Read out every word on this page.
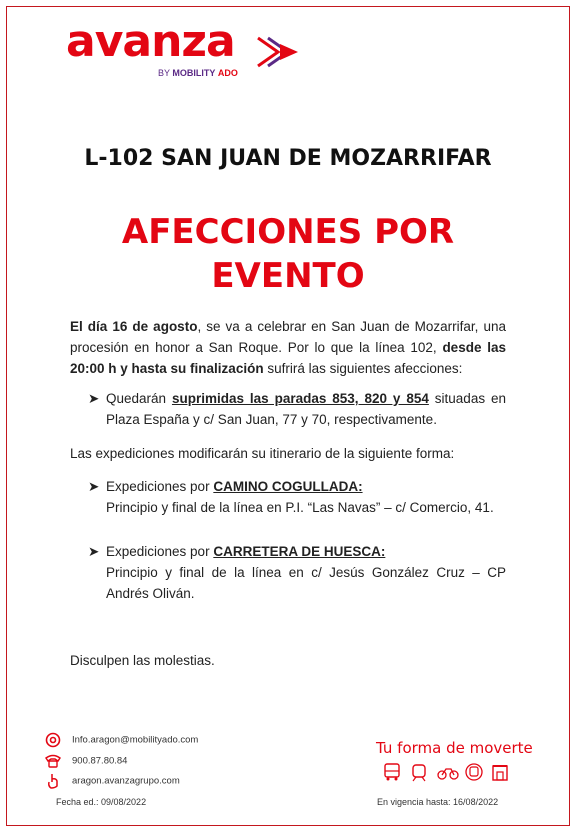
avanza
BY MOBILITY ADO
L-102 SAN JUAN DE MOZARRIFAR
AFECCIONES POR
EVENTO
El día 16 de agosto, se va a celebrar en San Juan de Mozarrifar, una procesión en honor a San Roque. Por lo que la línea 102, desde las 20:00 h y hasta su finalización sufrirá las siguientes afecciones:
➤ Quedarán suprimidas las paradas 853, 820 y 854 situadas en Plaza España y c/ San Juan, 77 y 70, respectivamente.
Las expediciones modificarán su itinerario de la siguiente forma:
➤ Expediciones por CAMINO COGULLADA:
Principio y final de la línea en P.I. “Las Navas” – c/ Comercio, 41.
➤ Expediciones por CARRETERA DE HUESCA:
Principio y final de la línea en c/ Jesús González Cruz – CP Andrés Oliván.
Disculpen las molestias.
Info.aragon@mobilityado.com
900.87.80.84
aragon.avanzagrupo.com
Fecha ed.: 09/08/2022
Tu forma de moverte
En vigencia hasta: 16/08/2022
